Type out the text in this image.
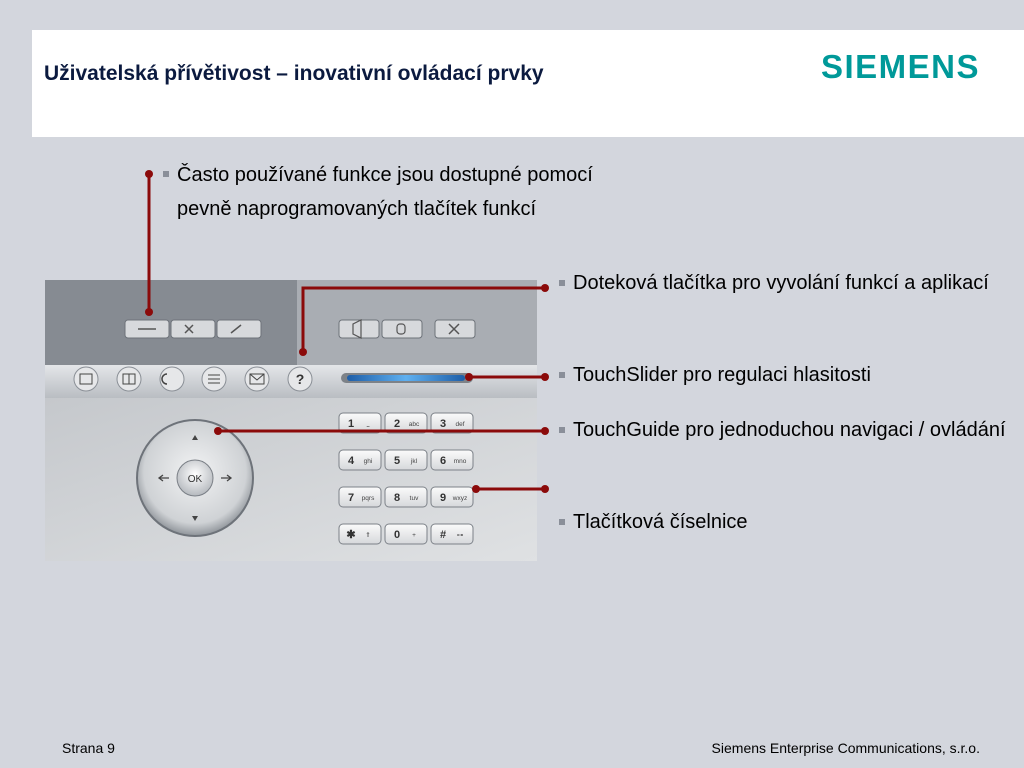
Uživatelská přívětivost – inovativní ovládací prvky	SIEMENS
Často používané funkce jsou dostupné pomocí pevně naprogramovaných tlačítek funkcí
Doteková tlačítka pro vyvolání funkcí a aplikací
TouchSlider pro regulaci hlasitosti
TouchGuide pro jednoduchou navigaci / ovládání
Tlačítková číselnice
?
OK
1 ⎵ 2 abc 3 def
4 ghi 5 jkl 6 mno
7 pqrs 8 tuv 9 wxyz
✱ ⇑ 0 + # ⊶
Strana 9	Siemens Enterprise Communications, s.r.o.
